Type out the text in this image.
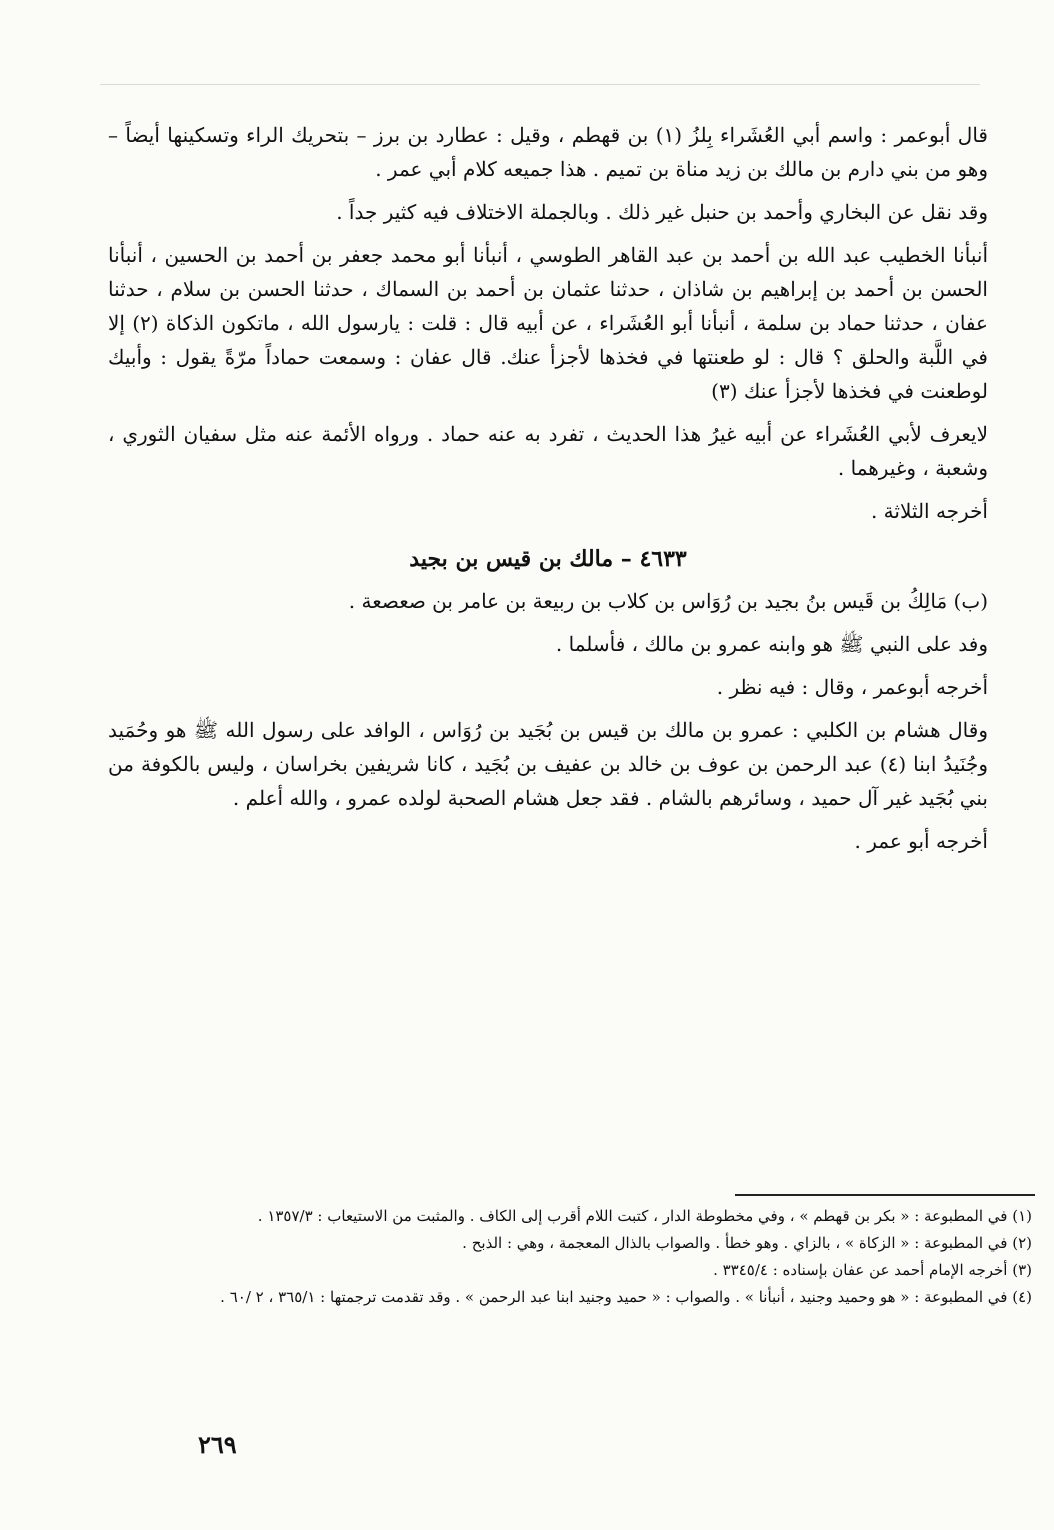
قال أبوعمر : واسم أبي العُشَراء بِلزُ (١) بن قهطم ، وقيل : عطارد بن برز – بتحريك الراء وتسكينها أيضاً – وهو من بني دارم بن مالك بن زيد مناة بن تميم . هذا جميعه كلام أبي عمر .

وقد نقل عن البخاري وأحمد بن حنبل غير ذلك . وبالجملة الاختلاف فيه كثير جداً .

أنبأنا الخطيب عبد الله بن أحمد بن عبد القاهر الطوسي ، أنبأنا أبو محمد جعفر بن أحمد بن الحسين ، أنبأنا الحسن بن أحمد بن إبراهيم بن شاذان ، حدثنا عثمان بن أحمد بن السماك ، حدثنا الحسن بن سلام ، حدثنا عفان ، حدثنا حماد بن سلمة ، أنبأنا أبو العُشَراء ، عن أبيه قال : قلت : يارسول الله ، ماتكون الذكاة (٢) إلا في اللَّبة والحلق ؟ قال : لو طعنتها في فخذها لأجزأ عنك. قال عفان : وسمعت حماداً مرّةً يقول : وأبيك لوطعنت في فخذها لأجزأ عنك (٣)

لايعرف لأبي العُشَراء عن أبيه غيرُ هذا الحديث ، تفرد به عنه حماد . ورواه الأئمة عنه مثل سفيان الثوري ، وشعبة ، وغيرهما .

أخرجه الثلاثة .

٤٦٣٣ – مالك بن قيس بن بجيد

(ب) مَالِكُ بن قَيس بنُ بجيد بن رُوَاس بن كلاب بن ربيعة بن عامر بن صعصعة .

وفد على النبي ﷺ هو وابنه عمرو بن مالك ، فأسلما .

أخرجه أبوعمر ، وقال : فيه نظر .

وقال هشام بن الكلبي : عمرو بن مالك بن قيس بن بُجَيد بن رُوَاس ، الوافد على رسول الله ﷺ هو وحُمَيد وجُنَيدُ ابنا (٤) عبد الرحمن بن عوف بن خالد بن عفيف بن بُجَيد ، كانا شريفين بخراسان ، وليس بالكوفة من بني بُجَيد غير آل حميد ، وسائرهم بالشام . فقد جعل هشام الصحبة لولده عمرو ، والله أعلم .

أخرجه أبو عمر .

(١) في المطبوعة : « بكر بن قهطم » ، وفي مخطوطة الدار ، كتبت اللام أقرب إلى الكاف . والمثبت من الاستيعاب : ١٣٥٧/٣ .

(٢) في المطبوعة : « الزكاة » ، بالزاي . وهو خطأ . والصواب بالذال المعجمة ، وهي : الذبح .

(٣) أخرجه الإمام أحمد عن عفان بإسناده : ٣٣٤٥/٤ .

(٤) في المطبوعة : « هو وحميد وجنيد ، أنبأنا » . والصواب : « حميد وجنيد ابنا عبد الرحمن » . وقد تقدمت ترجمتها : ٣٦٥/١ ، ٢ /٦٠ .

٢٦٩
